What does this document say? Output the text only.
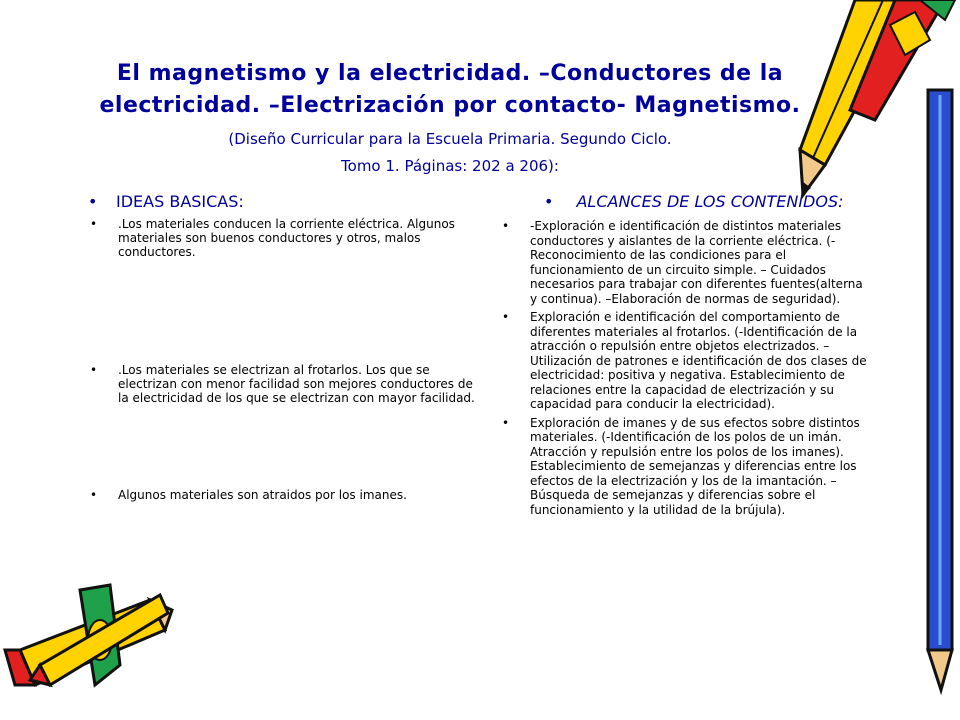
El magnetismo y la electricidad. –Conductores de la electricidad. –Electrización por contacto- Magnetismo. (Diseño Curricular para la Escuela Primaria. Segundo Ciclo.
Tomo 1. Páginas: 202 a 206):
• IDEAS BASICAS:
• .Los materiales conducen la corriente eléctrica. Algunos materiales son buenos conductores y otros, malos conductores.
• .Los materiales se electrizan al frotarlos. Los que se electrizan con menor facilidad son mejores conductores de la electricidad de los que se electrizan con mayor facilidad.
• Algunos materiales son atraidos por los imanes.
• ALCANCES DE LOS CONTENIDOS:
• -Exploración e identificación de distintos materiales conductores y aislantes de la corriente eléctrica. (-Reconocimiento de las condiciones para el funcionamiento de un circuito simple. – Cuidados necesarios para trabajar con diferentes fuentes(alterna y continua). –Elaboración de normas de seguridad).
• Exploración e identificación del comportamiento de diferentes materiales al frotarlos. (-Identificación de la atracción o repulsión entre objetos electrizados. – Utilización de patrones e identificación de dos clases de electricidad: positiva y negativa. Establecimiento de relaciones entre la capacidad de electrización y su capacidad para conducir la electricidad).
• Exploración de imanes y de sus efectos sobre distintos materiales. (-Identificación de los polos de un imán. Atracción y repulsión entre los polos de los imanes). Establecimiento de semejanzas y diferencias entre los efectos de la electrización y los de la imantación. – Búsqueda de semejanzas y diferencias sobre el funcionamiento y la utilidad de la brújula).
